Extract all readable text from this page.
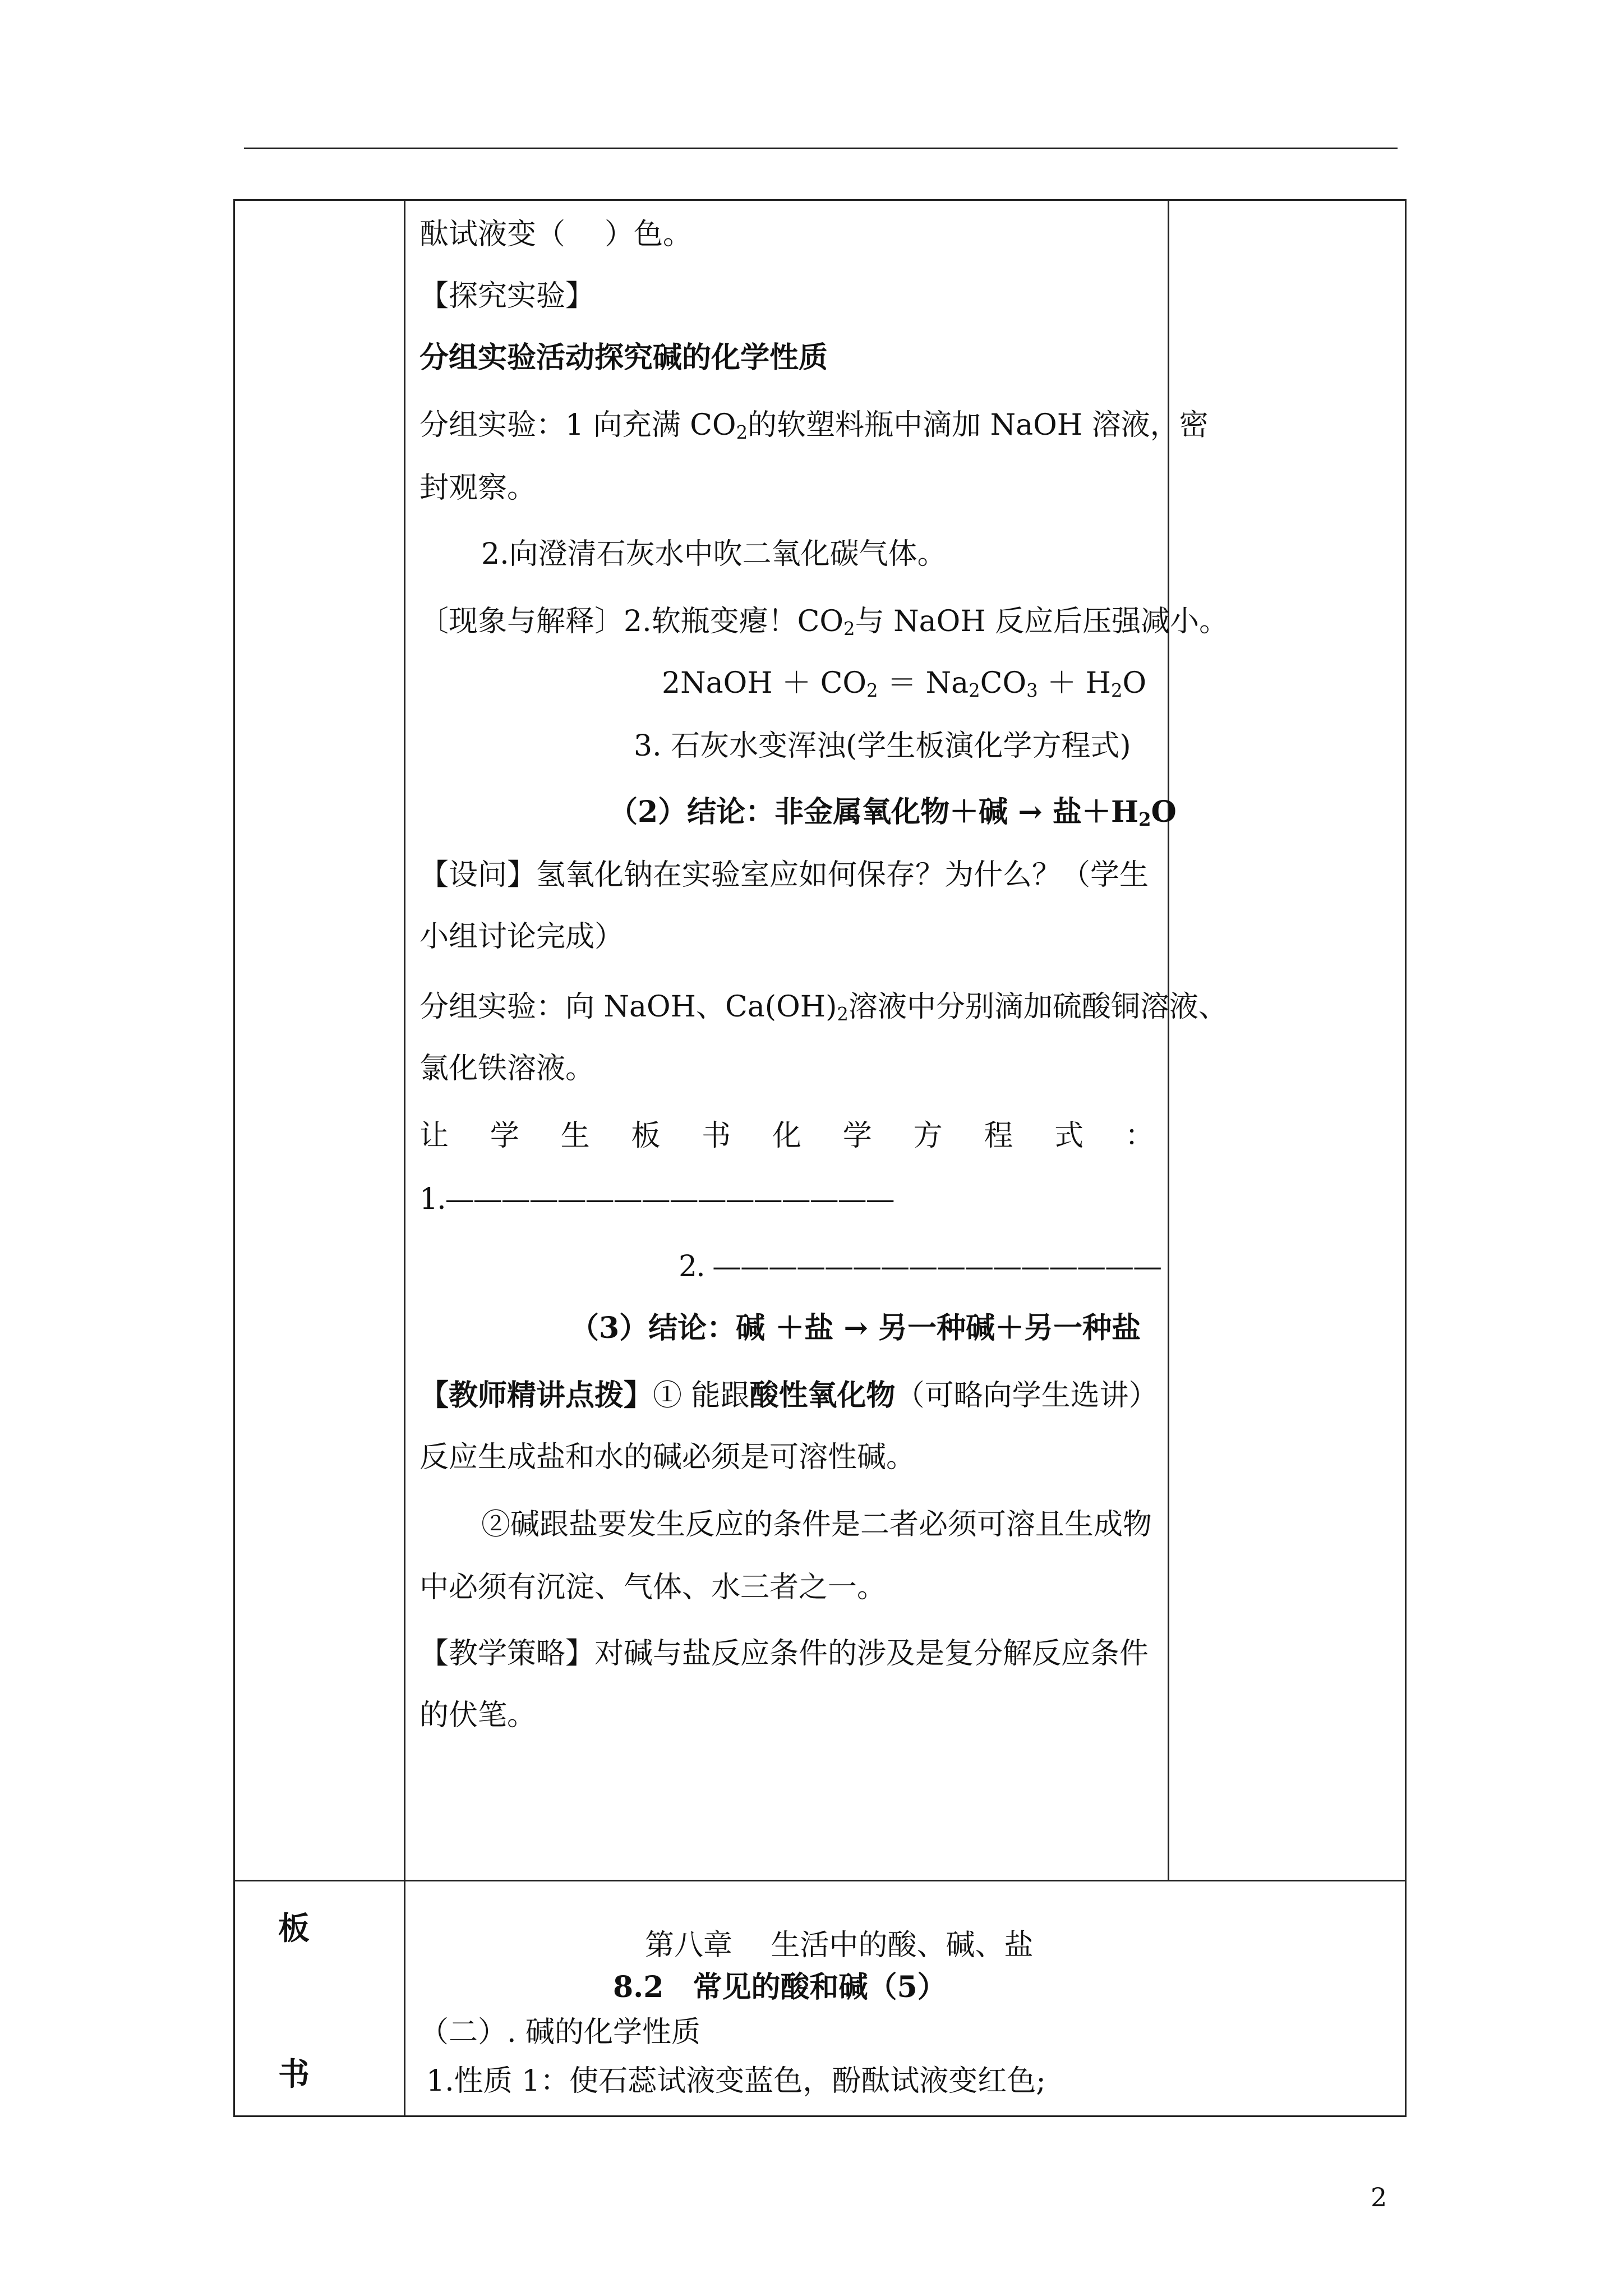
酞试液变（ ）色。
【探究实验】
分组实验活动探究碱的化学性质
分组实验：1 向充满 $CO_2$的软塑料瓶中滴加 NaOH 溶液，密
封观察。
2.向澄清石灰水中吹二氧化碳气体。
〔现象与解释〕2.软瓶变瘪！$CO_2$与 NaOH 反应后压强减小。
2NaOH ＋ $CO_2 = Na_2CO_3 + H_2O$
3. 石灰水变浑浊(学生板演化学方程式)
（2）结论：非金属氧化物＋碱 → 盐$+H_2O$
【设问】氢氧化钠在实验室应如何保存？为什么？（学生
小组讨论完成）
分组实验：向 NaOH、$Ca(OH)_2$溶液中分别滴加硫酸铜溶液、
氯化铁溶液。
让 学 生 板 书 化 学 方 程 式 ：
1.————————————————
2. ————————————————
（3）结论：碱 ＋盐 → 另一种碱＋另一种盐
【教师精讲点拨】① 能跟酸性氧化物（可略向学生选讲）
反应生成盐和水的碱必须是可溶性碱。
②碱跟盐要发生反应的条件是二者必须可溶且生成物
中必须有沉淀、气体、水三者之一。
【教学策略】对碱与盐反应条件的涉及是复分解反应条件
的伏笔。
板
书
第八章　 生活中的酸、碱、盐
8.2　常见的酸和碱（5）
（二）. 碱的化学性质
1.性质 1：使石蕊试液变蓝色，酚酞试液变红色;
2
